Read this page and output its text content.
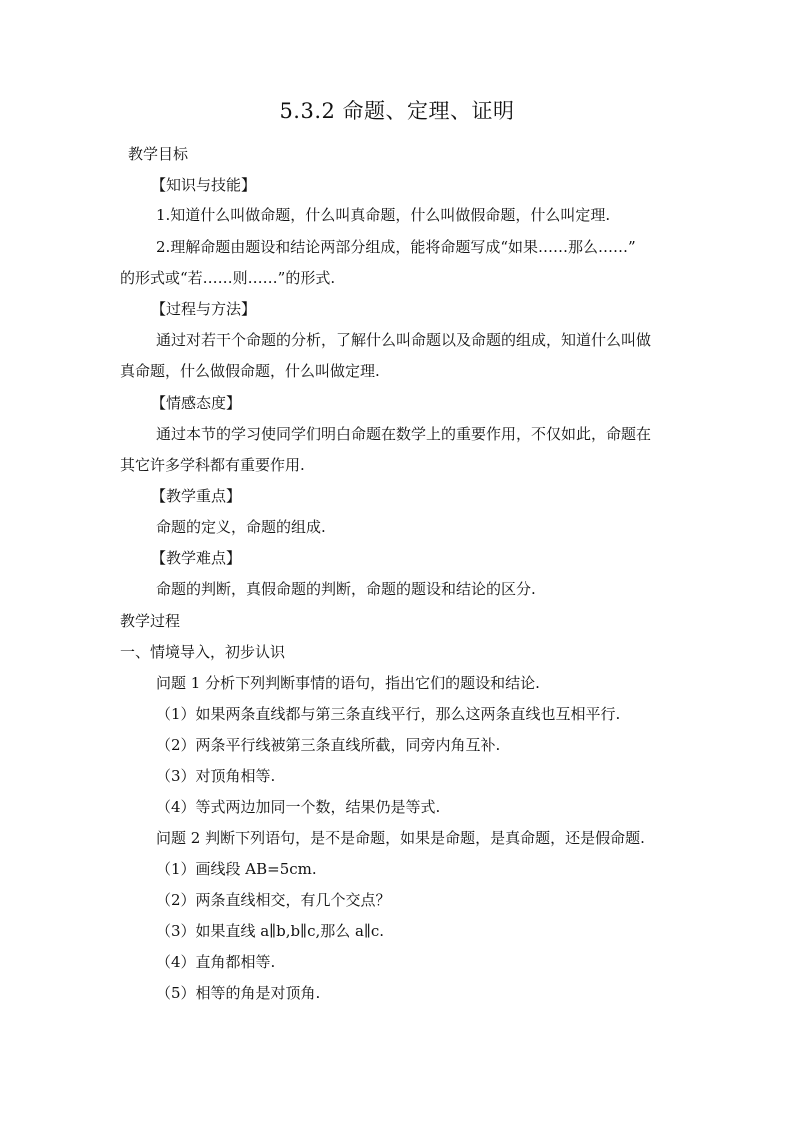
5.3.2 命题、定理、证明
教学目标
【知识与技能】
1.知道什么叫做命题，什么叫真命题，什么叫做假命题，什么叫定理.
2.理解命题由题设和结论两部分组成，能将命题写成“如果……那么……”
的形式或“若……则……”的形式.
【过程与方法】
通过对若干个命题的分析，了解什么叫命题以及命题的组成，知道什么叫做
真命题，什么做假命题，什么叫做定理.
【情感态度】
通过本节的学习使同学们明白命题在数学上的重要作用，不仅如此，命题在
其它许多学科都有重要作用.
【教学重点】
命题的定义，命题的组成.
【教学难点】
命题的判断，真假命题的判断，命题的题设和结论的区分.
教学过程
一、情境导入，初步认识
问题 1 分析下列判断事情的语句，指出它们的题设和结论.
（1）如果两条直线都与第三条直线平行，那么这两条直线也互相平行.
（2）两条平行线被第三条直线所截，同旁内角互补.
（3）对顶角相等.
（4）等式两边加同一个数，结果仍是等式.
问题 2 判断下列语句，是不是命题，如果是命题，是真命题，还是假命题.
（1）画线段 AB=5cm.
（2）两条直线相交，有几个交点？
（3）如果直线 a∥b,b∥c,那么 a∥c.
（4）直角都相等.
（5）相等的角是对顶角.
